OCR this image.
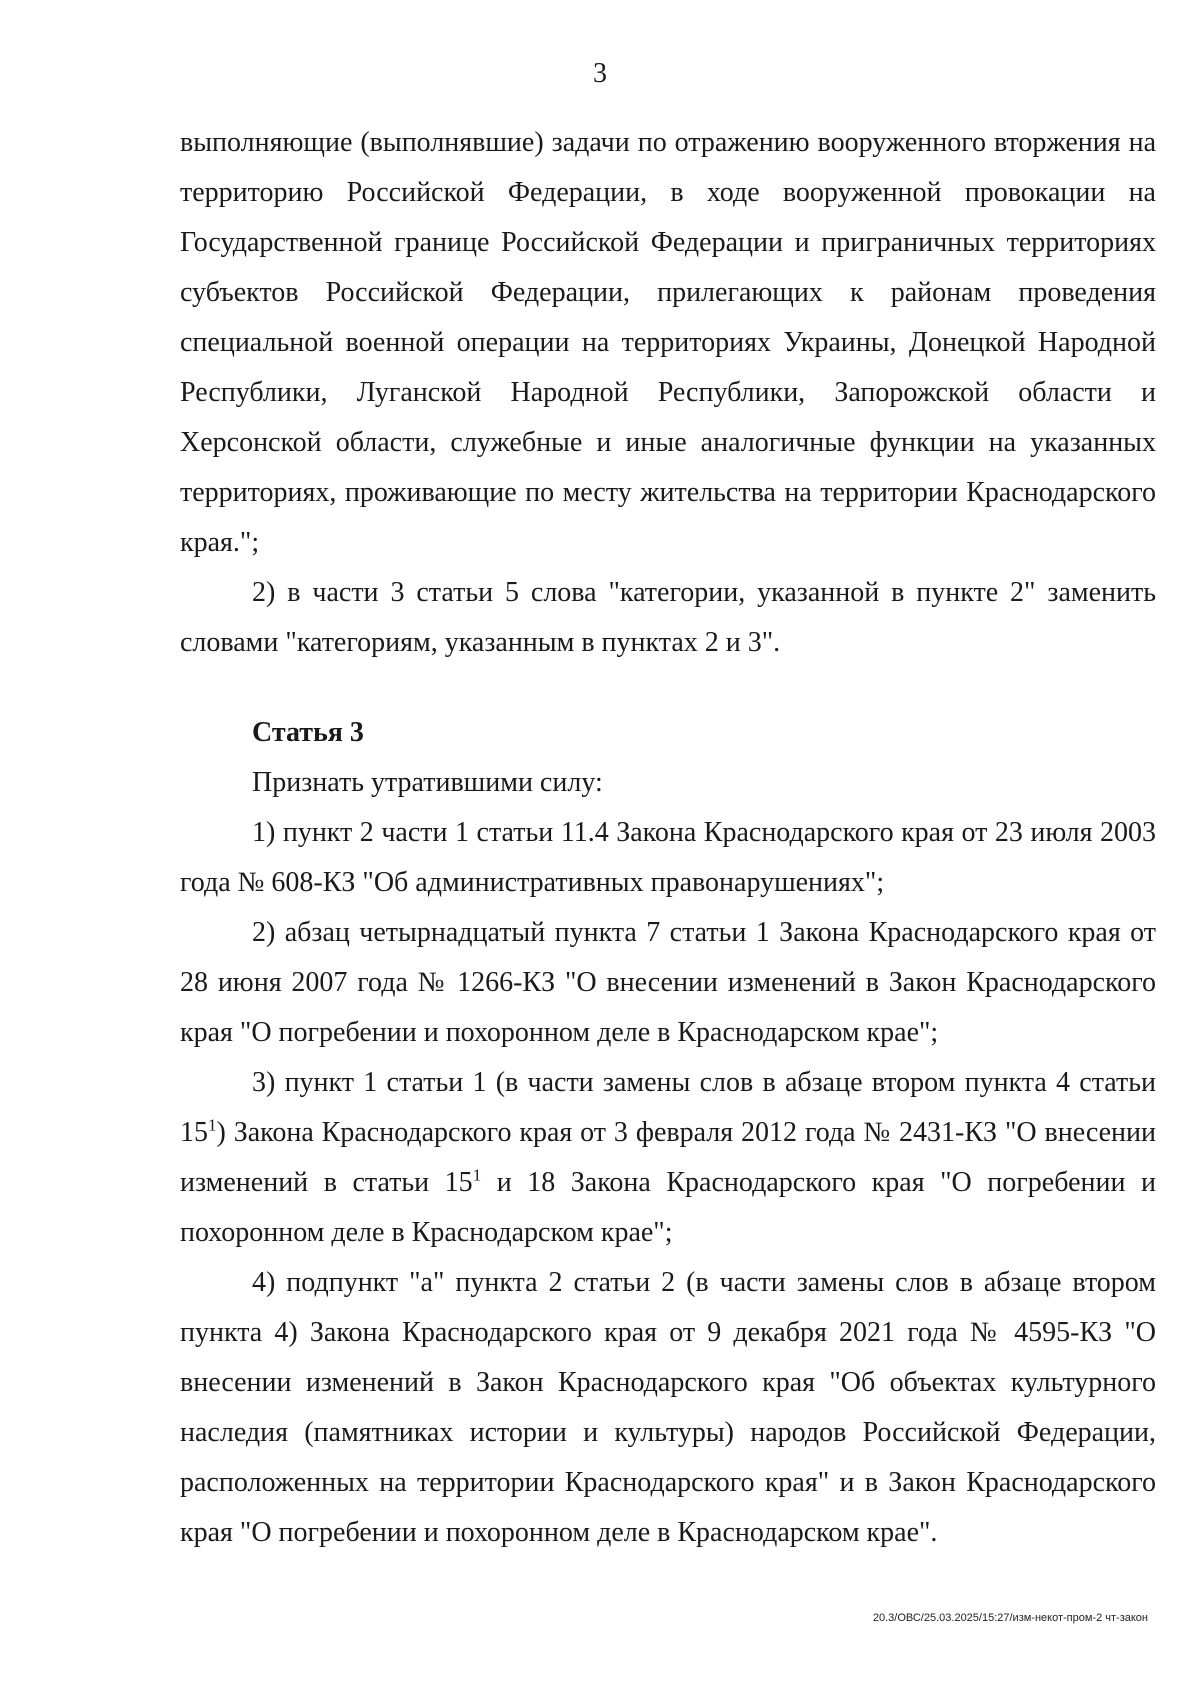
3

выполняющие (выполнявшие) задачи по отражению вооруженного вторжения на территорию Российской Федерации, в ходе вооруженной провокации на Государственной границе Российской Федерации и приграничных территориях субъектов Российской Федерации, прилегающих к районам проведения специальной военной операции на территориях Украины, Донецкой Народной Республики, Луганской Народной Республики, Запорожской области и Херсонской области, служебные и иные аналогичные функции на указанных территориях, проживающие по месту жительства на территории Краснодарского края.";

2) в части 3 статьи 5 слова "категории, указанной в пункте 2" заменить словами "категориям, указанным в пунктах 2 и 3".

Статья 3

Признать утратившими силу:

1) пункт 2 части 1 статьи 11.4 Закона Краснодарского края от 23 июля 2003 года № 608-КЗ "Об административных правонарушениях";

2) абзац четырнадцатый пункта 7 статьи 1 Закона Краснодарского края от 28 июня 2007 года № 1266-КЗ "О внесении изменений в Закон Краснодарского края "О погребении и похоронном деле в Краснодарском крае";

3) пункт 1 статьи 1 (в части замены слов в абзаце втором пункта 4 статьи $15^1$) Закона Краснодарского края от 3 февраля 2012 года № 2431-КЗ "О внесении изменений в статьи $15^1$ и 18 Закона Краснодарского края "О погребении и похоронном деле в Краснодарском крае";

4) подпункт "а" пункта 2 статьи 2 (в части замены слов в абзаце втором пункта 4) Закона Краснодарского края от 9 декабря 2021 года № 4595-КЗ "О внесении изменений в Закон Краснодарского края "Об объектах культурного наследия (памятниках истории и культуры) народов Российской Федерации, расположенных на территории Краснодарского края" и в Закон Краснодарского края "О погребении и похоронном деле в Краснодарском крае".

20.3/ОВС/25.03.2025/15:27/изм-некот-пром-2 чт-закон
